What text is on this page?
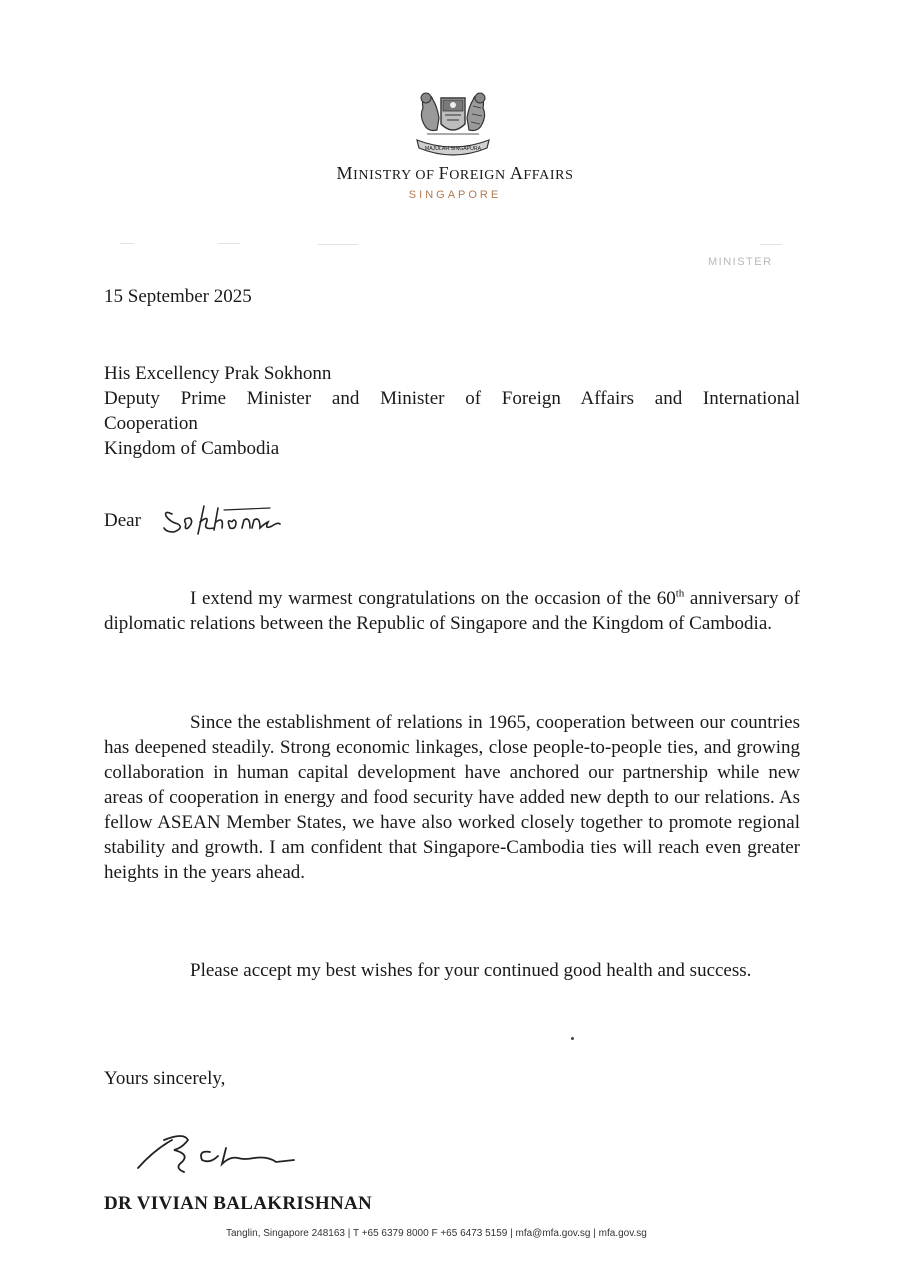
MAJULAH SINGAPURA
MINISTRY OF FOREIGN AFFAIRS
SINGAPORE
MINISTER
15 September 2025

His Excellency Prak Sokhonn

Deputy Prime Minister and Minister of Foreign Affairs and International

Cooperation

Kingdom of Cambodia

Dear

I extend my warmest congratulations on the occasion of the 60th anniversary of diplomatic relations between the Republic of Singapore and the Kingdom of Cambodia.

Since the establishment of relations in 1965, cooperation between our countries has deepened steadily. Strong economic linkages, close people-to-people ties, and growing collaboration in human capital development have anchored our partnership while new areas of cooperation in energy and food security have added new depth to our relations. As fellow ASEAN Member States, we have also worked closely together to promote regional stability and growth. I am confident that Singapore-Cambodia ties will reach even greater heights in the years ahead.

Please accept my best wishes for your continued good health and success.

Yours sincerely,
DR VIVIAN BALAKRISHNAN
Tanglin, Singapore 248163 | T +65 6379 8000 F +65 6473 5159 | mfa@mfa.gov.sg | mfa.gov.sg
